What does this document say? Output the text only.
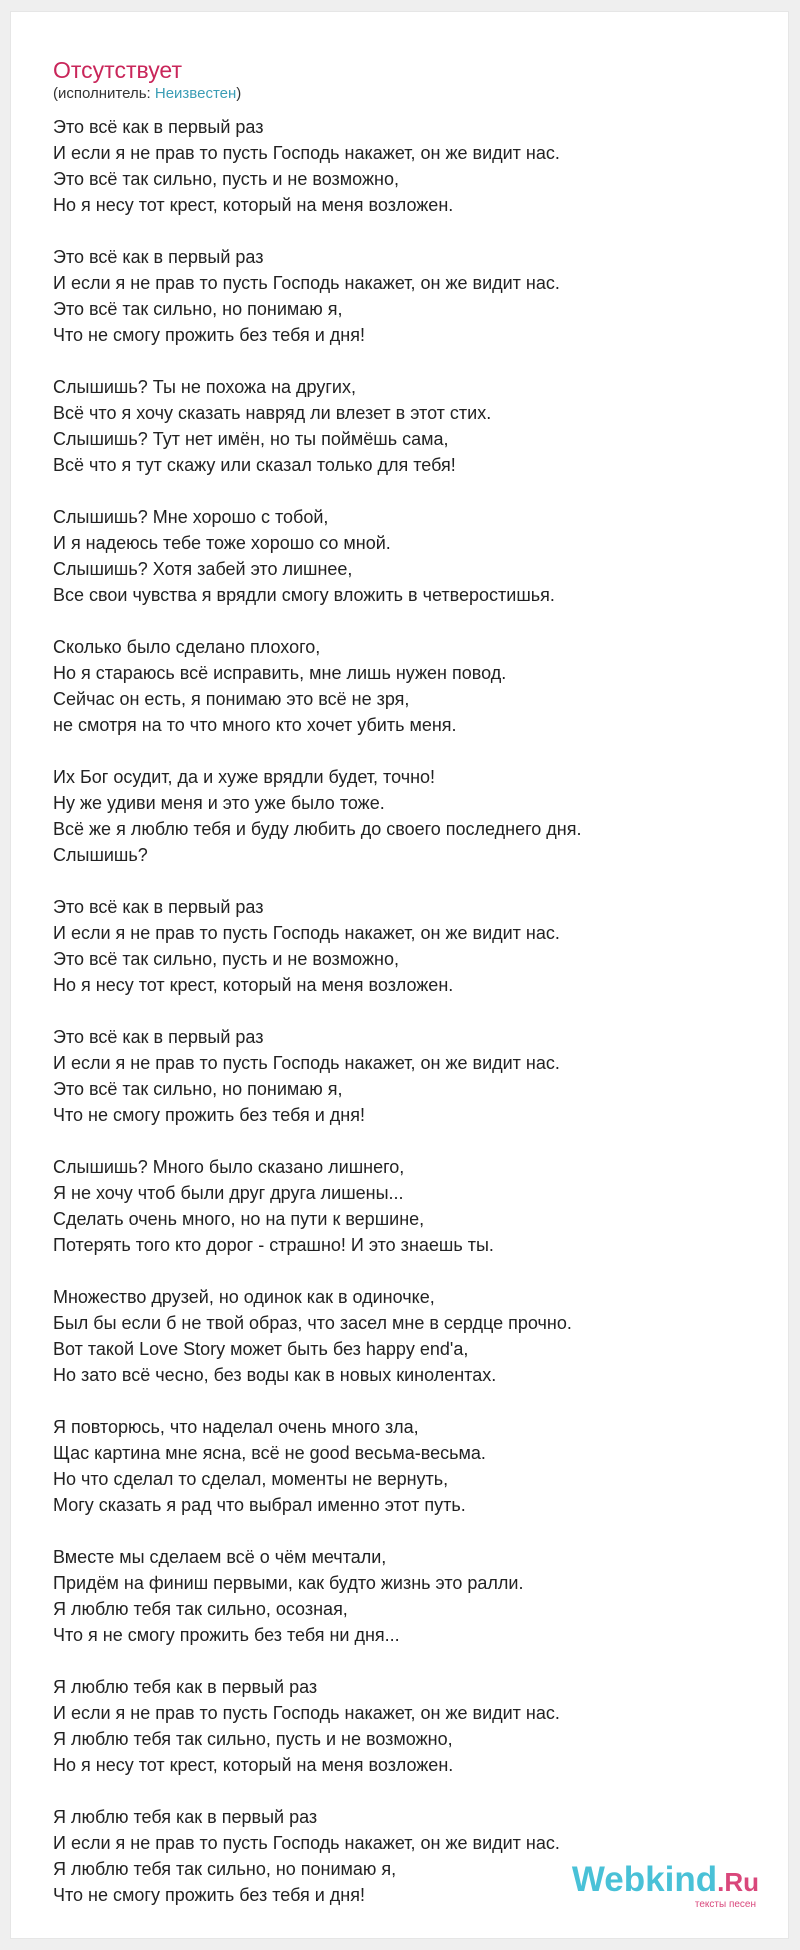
Отсутствует
(исполнитель: Неизвестен)
Это всё как в первый раз
И если я не прав то пусть Господь накажет, он же видит нас.
Это всё так сильно, пусть и не возможно,
Но я несу тот крест, который на меня возложен.
Это всё как в первый раз
И если я не прав то пусть Господь накажет, он же видит нас.
Это всё так сильно, но понимаю я,
Что не смогу прожить без тебя и дня!
Слышишь? Ты не похожа на других,
Всё что я хочу сказать навряд ли влезет в этот стих.
Слышишь? Тут нет имён, но ты поймёшь сама,
Всё что я тут скажу или сказал только для тебя!
Слышишь? Мне хорошо с тобой,
И я надеюсь тебе тоже хорошо со мной.
Слышишь? Хотя забей это лишнее,
Все свои чувства я врядли смогу вложить в четверостишья.
Сколько было сделано плохого,
Но я стараюсь всё исправить, мне лишь нужен повод.
Сейчас он есть, я понимаю это всё не зря,
не смотря на то что много кто хочет убить меня.
Их Бог осудит, да и хуже врядли будет, точно!
Ну же удиви меня и это уже было тоже.
Всё же я люблю тебя и буду любить до своего последнего дня.
Слышишь?
Это всё как в первый раз
И если я не прав то пусть Господь накажет, он же видит нас.
Это всё так сильно, пусть и не возможно,
Но я несу тот крест, который на меня возложен.
Это всё как в первый раз
И если я не прав то пусть Господь накажет, он же видит нас.
Это всё так сильно, но понимаю я,
Что не смогу прожить без тебя и дня!
Слышишь? Много было сказано лишнего,
Я не хочу чтоб были друг друга лишены...
Сделать очень много, но на пути к вершине,
Потерять того кто дорог - страшно! И это знаешь ты.
Множество друзей, но одинок как в одиночке,
Был бы если б не твой образ, что засел мне в сердце прочно.
Вот такой Love Story может быть без happy end'a,
Но зато всё чесно, без воды как в новых кинолентах.
Я повторюсь, что наделал очень много зла,
Щас картина мне ясна, всё не good весьма-весьма.
Но что сделал то сделал, моменты не вернуть,
Могу сказать я рад что выбрал именно этот путь.
Вместе мы сделаем всё о чём мечтали,
Придём на финиш первыми, как будто жизнь это ралли.
Я люблю тебя так сильно, осозная,
Что я не смогу прожить без тебя ни дня...
Я люблю тебя как в первый раз
И если я не прав то пусть Господь накажет, он же видит нас.
Я люблю тебя так сильно, пусть и не возможно,
Но я несу тот крест, который на меня возложен.
Я люблю тебя как в первый раз
И если я не прав то пусть Господь накажет, он же видит нас.
Я люблю тебя так сильно, но понимаю я,
Что не смогу прожить без тебя и дня!	Webkind.Ru
тексты песен
